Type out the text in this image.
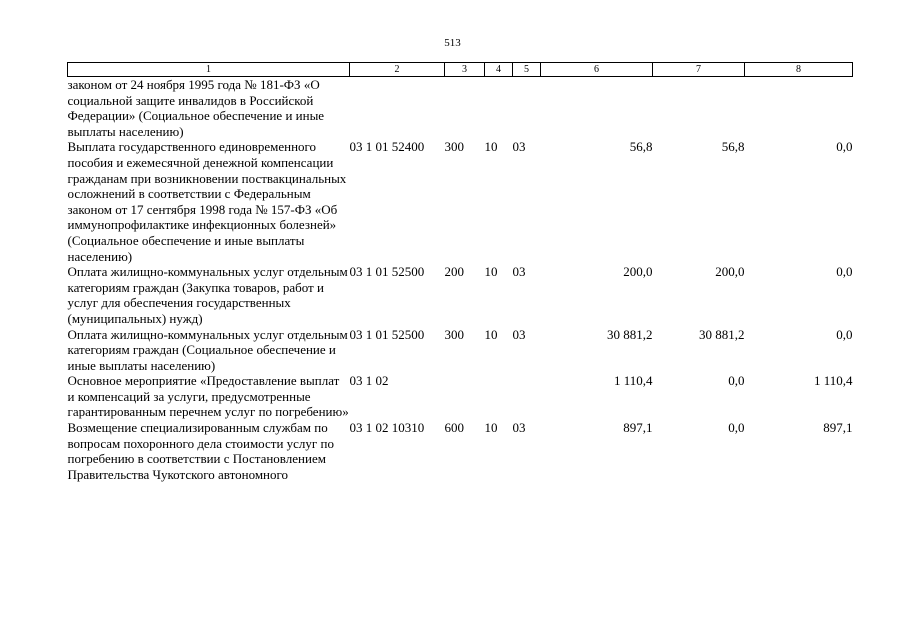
513
1	2	3	4	5	6	7	8
законом от 24 ноября 1995 года № 181-ФЗ «О социальной защите инвалидов в Российской Федерации» (Социальное обеспечение и иные выплаты населению)							
Выплата государственного единовременного пособия и ежемесячной денежной компенсации гражданам при возникновении поствакцинальных осложнений в соответствии с Федеральным законом от 17 сентября 1998 года № 157-ФЗ «Об иммунопрофилактике инфекционных болезней» (Социальное обеспечение и иные выплаты населению)	03 1 01 52400	300	10	03	56,8	56,8	0,0
Оплата жилищно-коммунальных услуг отдельным категориям граждан (Закупка товаров, работ и услуг для обеспечения государственных (муниципальных) нужд)	03 1 01 52500	200	10	03	200,0	200,0	0,0
Оплата жилищно-коммунальных услуг отдельным категориям граждан (Социальное обеспечение и иные выплаты населению)	03 1 01 52500	300	10	03	30 881,2	30 881,2	0,0
Основное мероприятие «Предоставление выплат и компенсаций за услуги, предусмотренные гарантированным перечнем услуг по погребению»	03 1 02				1 110,4	0,0	1 110,4
Возмещение специализированным службам по вопросам похоронного дела стоимости услуг по погребению в соответствии с Постановлением Правительства Чукотского автономного	03 1 02 10310	600	10	03	897,1	0,0	897,1
